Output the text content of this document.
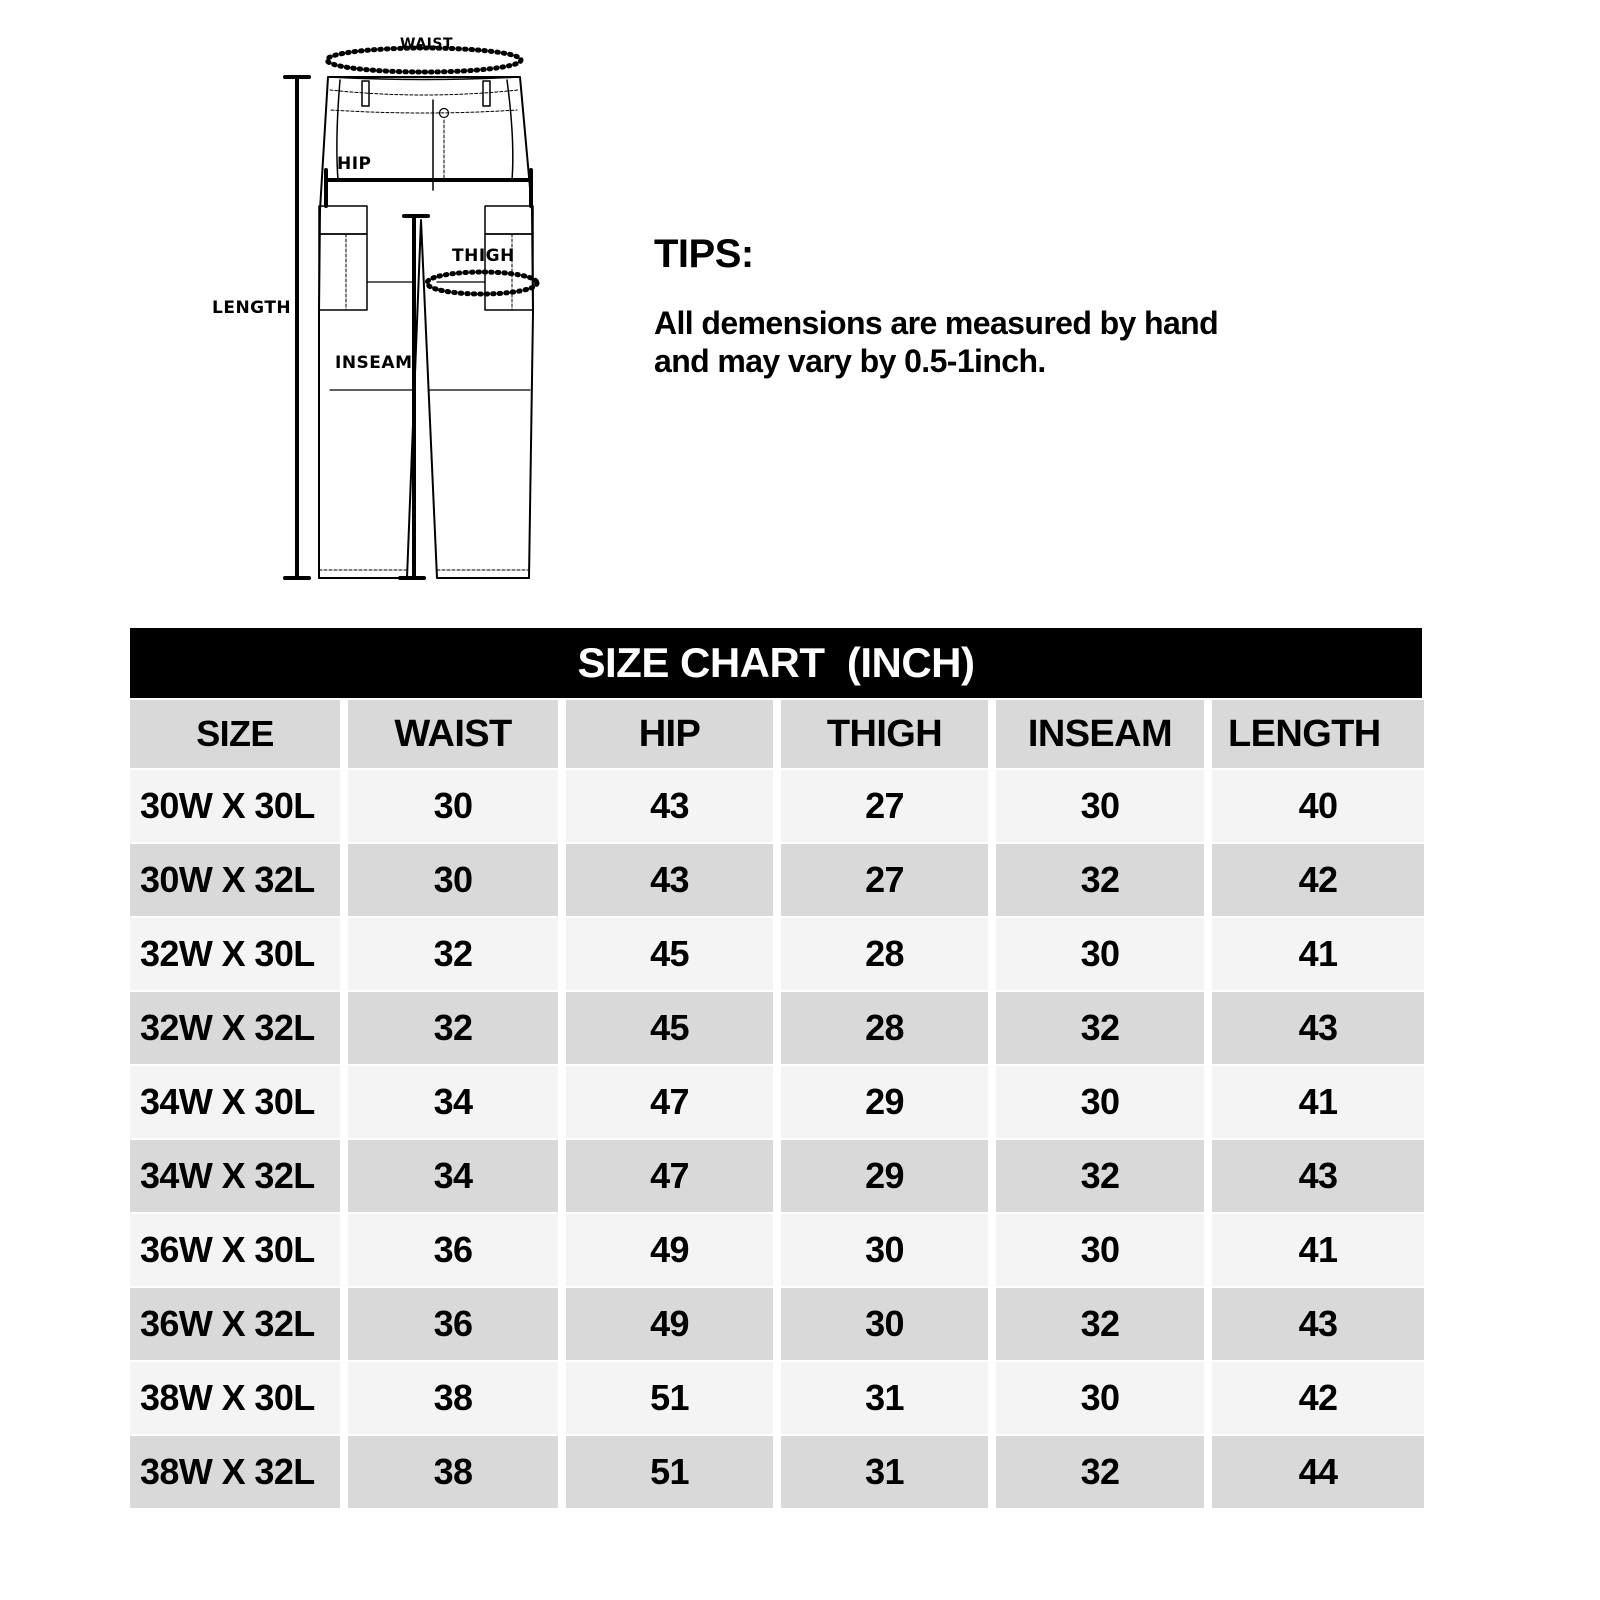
WAIST
HIP
THIGH
LENGTH
INSEAM
TIPS:
All demensions are measured by hand
and may vary by 0.5-1inch.
SIZE CHART  (INCH)
SIZE	WAIST	HIP	THIGH	INSEAM	LENGTH
30W X 30L	30	43	27	30	40
30W X 32L	30	43	27	32	42
32W X 30L	32	45	28	30	41
32W X 32L	32	45	28	32	43
34W X 30L	34	47	29	30	41
34W X 32L	34	47	29	32	43
36W X 30L	36	49	30	30	41
36W X 32L	36	49	30	32	43
38W X 30L	38	51	31	30	42
38W X 32L	38	51	31	32	44
